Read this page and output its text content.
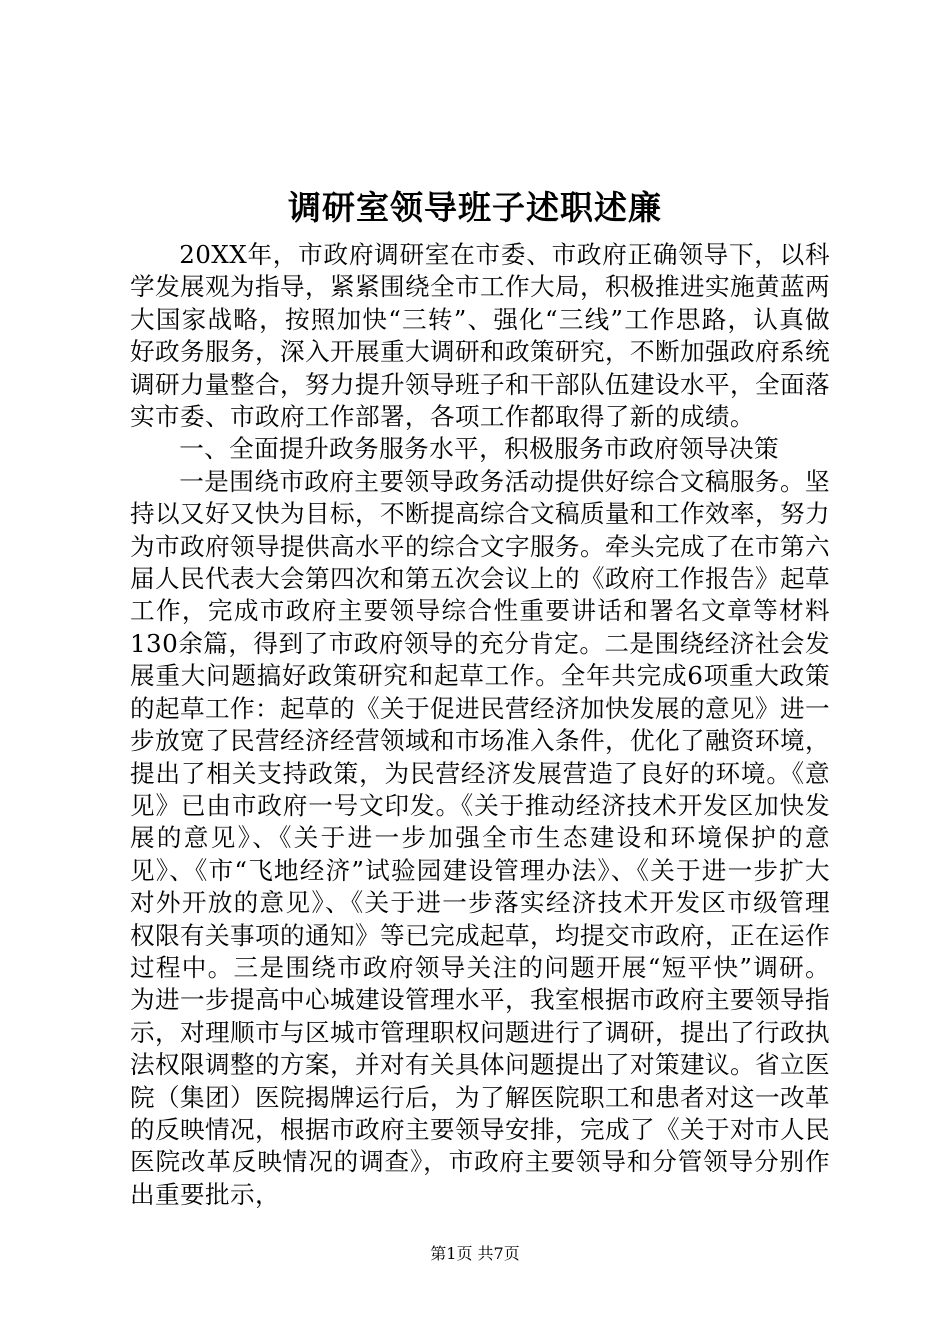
调研室领导班子述职述廉

20XX年，市政府调研室在市委、市政府正确领导下，以科学发展观为指导，紧紧围绕全市工作大局，积极推进实施黄蓝两大国家战略，按照加快“三转”、强化“三线”工作思路，认真做好政务服务，深入开展重大调研和政策研究，不断加强政府系统调研力量整合，努力提升领导班子和干部队伍建设水平，全面落实市委、市政府工作部署，各项工作都取得了新的成绩。

一、全面提升政务服务水平，积极服务市政府领导决策

一是围绕市政府主要领导政务活动提供好综合文稿服务。坚持以又好又快为目标，不断提高综合文稿质量和工作效率，努力为市政府领导提供高水平的综合文字服务。牵头完成了在市第六届人民代表大会第四次和第五次会议上的《政府工作报告》起草工作，完成市政府主要领导综合性重要讲话和署名文章等材料130余篇，得到了市政府领导的充分肯定。二是围绕经济社会发展重大问题搞好政策研究和起草工作。全年共完成6项重大政策的起草工作：起草的《关于促进民营经济加快发展的意见》进一步放宽了民营经济经营领域和市场准入条件，优化了融资环境，提出了相关支持政策，为民营经济发展营造了良好的环境。《意见》已由市政府一号文印发。《关于推动经济技术开发区加快发展的意见》、《关于进一步加强全市生态建设和环境保护的意见》、《市“飞地经济”试验园建设管理办法》、《关于进一步扩大对外开放的意见》、《关于进一步落实经济技术开发区市级管理权限有关事项的通知》等已完成起草，均提交市政府，正在运作过程中。三是围绕市政府领导关注的问题开展“短平快”调研。为进一步提高中心城建设管理水平，我室根据市政府主要领导指示，对理顺市与区城市管理职权问题进行了调研，提出了行政执法权限调整的方案，并对有关具体问题提出了对策建议。省立医院（集团）医院揭牌运行后，为了解医院职工和患者对这一改革的反映情况，根据市政府主要领导安排，完成了《关于对市人民医院改革反映情况的调查》，市政府主要领导和分管领导分别作出重要批示，

第1页 共7页
